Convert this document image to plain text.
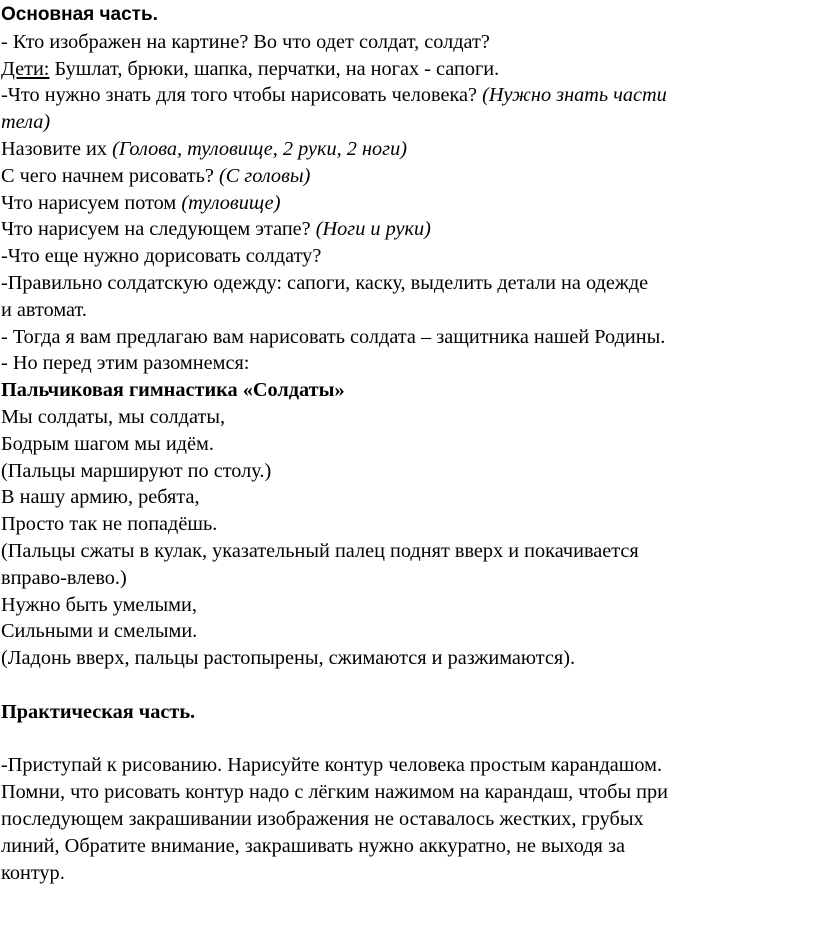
Основная часть.
- Кто изображен на картине? Во что одет солдат, солдат?
Дети: Бушлат, брюки, шапка, перчатки, на ногах - сапоги.
-Что нужно знать для того чтобы нарисовать человека? (Нужно знать части
тела)
Назовите их (Голова, туловище, 2 руки, 2 ноги)
С чего начнем рисовать? (С головы)
Что нарисуем потом (туловище)
Что нарисуем на следующем этапе? (Ноги и руки)
-Что еще нужно дорисовать солдату?
-Правильно солдатскую одежду: сапоги, каску, выделить детали на одежде
и автомат.
- Тогда я вам предлагаю вам нарисовать солдата – защитника нашей Родины.
- Но перед этим разомнемся:
Пальчиковая гимнастика «Солдаты»
Мы солдаты, мы солдаты,
Бодрым шагом мы идём.
(Пальцы маршируют по столу.)
В нашу армию, ребята,
Просто так не попадёшь.
(Пальцы сжаты в кулак, указательный палец поднят вверх и покачивается
вправо-влево.)
Нужно быть умелыми,
Сильными и смелыми.
(Ладонь вверх, пальцы растопырены, сжимаются и разжимаются).
Практическая часть.
-Приступай к рисованию. Нарисуйте контур человека простым карандашом.
Помни, что рисовать контур надо с лёгким нажимом на карандаш, чтобы при
последующем закрашивании изображения не оставалось жестких, грубых
линий, Обратите внимание, закрашивать нужно аккуратно, не выходя за
контур.
